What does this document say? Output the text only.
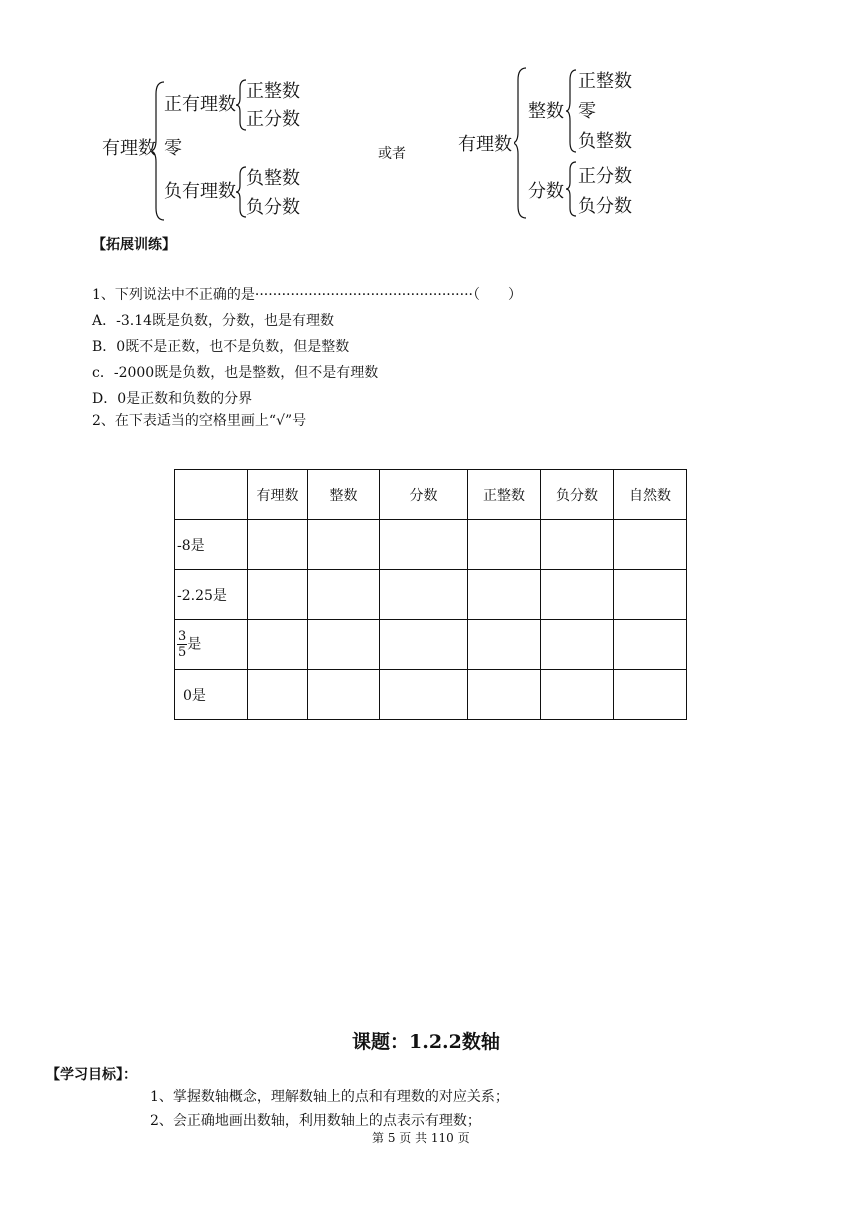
有理数
正有理数
正整数
正分数
零
负有理数
负整数
负分数
或者	有理数
整数
正整数
零
负整数
分数
正分数
负分数
【拓展训练】
1、下列说法中不正确的是·················································（　　）
A．-3.14既是负数，分数，也是有理数
B．0既不是正数，也不是负数，但是整数
c．-2000既是负数，也是整数，但不是有理数
D．0是正数和负数的分界
2、在下表适当的空格里画上“√”号
	有理数	整数	分数	正整数	负分数	自然数
-8是						
-2.25是						

$\frac{3}{5}$ 是						
0是						
课题：1.2.2数轴
【学习目标】：
1、掌握数轴概念，理解数轴上的点和有理数的对应关系；
2、会正确地画出数轴，利用数轴上的点表示有理数；
第 5 页 共 110 页
